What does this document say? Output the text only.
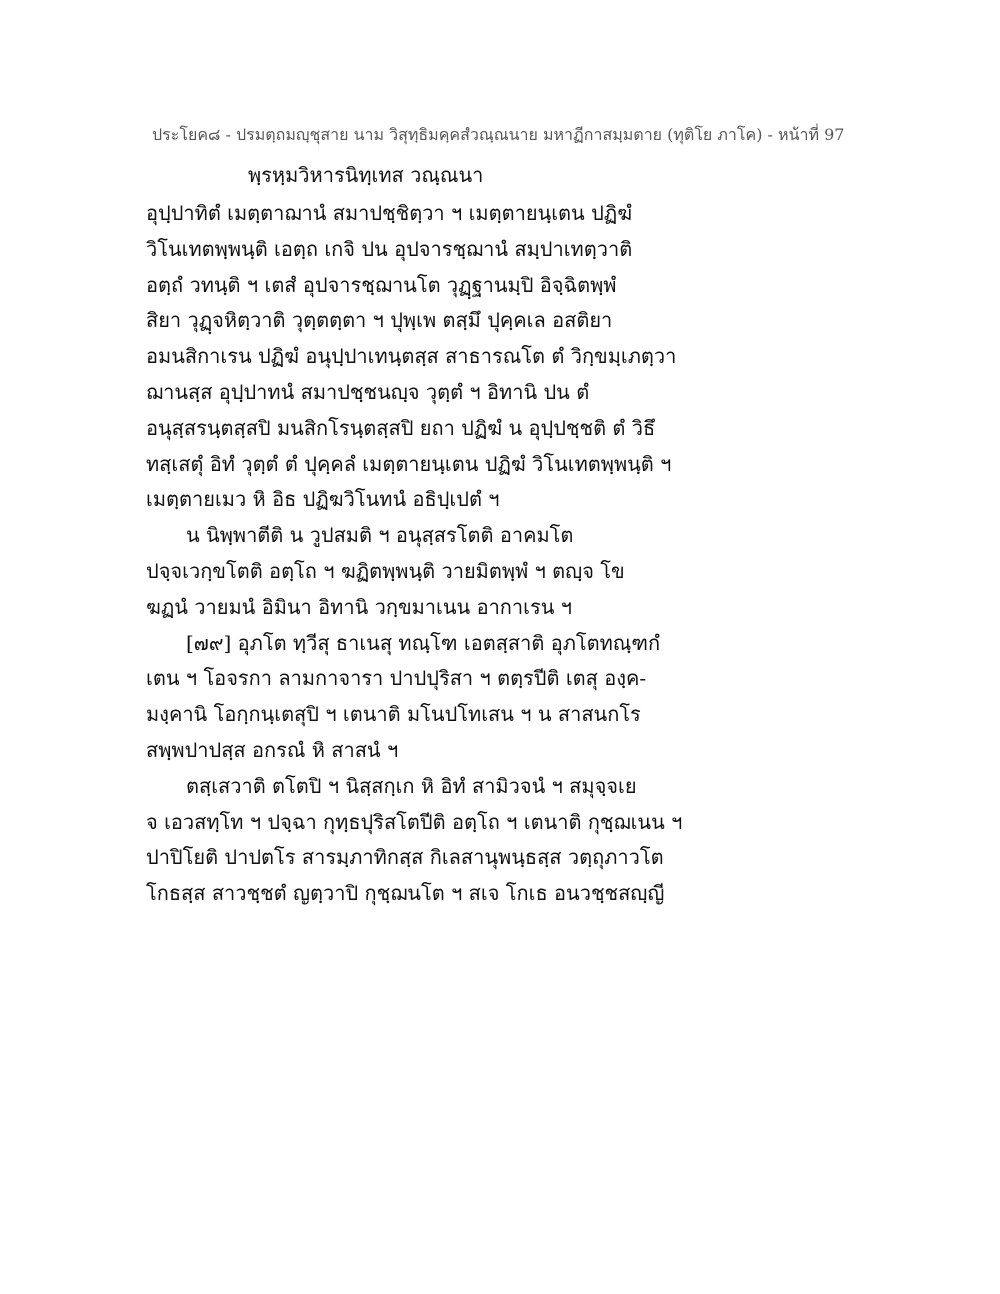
ประโยค๘ - ปรมตฺถมญฺชุสาย นาม วิสุทฺธิมคฺคสํวณฺณนาย มหาฏีกาสมฺมตาย (ทุติโย ภาโค) - หน้าที่ 97
พฺรหฺมวิหารนิทฺเทส วณฺณนา
อุปฺปาทิตํ เมตฺตาฌานํ สมาปชฺชิตฺวา ฯ เมตฺตายนฺเตน ปฏิฆํ
วิโนเทตพฺพนฺติ เอตฺถ เกจิ ปน อุปจารชฺฌานํ สมฺปาเทตฺวาติ
อตฺถํ วทนฺติ ฯ เตสํ อุปจารชฺฌานโต วุฏฺฐานมฺปิ อิจฺฉิตพฺพํ
สิยา วุฏฺจหิตฺวาติ วุตฺตตฺตา ฯ ปุพฺเพ ตสฺมึ ปุคฺคเล อสติยา
อมนสิกาเรน ปฏิฆํ อนุปฺปาเทนฺตสฺส สาธารณโต ตํ วิกฺขมฺเภตฺวา
ฌานสฺส อุปฺปาทนํ สมาปชฺชนญฺจ วุตฺตํ ฯ อิทานิ ปน ตํ
อนุสฺสรนฺตสฺสปิ มนสิกโรนฺตสฺสปิ ยถา ปฏิฆํ น อุปฺปชฺชติ ตํ วิธึ
ทสฺเสตุํ อิทํ วุตฺตํ ตํ ปุคฺคลํ เมตฺตายนฺเตน ปฏิฆํ วิโนเทตพฺพนฺติ ฯ
เมตฺตายเมว หิ อิธ ปฏิฆวิโนทนํ อธิปฺเปตํ ฯ
น นิพฺพาตีติ น วูปสมติ ฯ อนุสฺสรโตติ อาคมโต
ปจฺจเวกฺขโตติ อตฺโถ ฯ ฆฏิตพฺพนฺติ วายมิตพฺพํ ฯ ตญฺจ โข
ฆฏนํ วายมนํ อิมินา อิทานิ วกฺขมาเนน อากาเรน ฯ
[๗๙] อุภโต ทฺวีสุ ธาเนสุ ทณฺโฑ เอตสฺสาติ อุภโตทณฺฑกํ
เตน ฯ โอจรกา ลามกาจารา ปาปปุริสา ฯ ตตฺรปีติ เตสุ องฺค-
มงฺคานิ โอกฺกนฺเตสุปิ ฯ เตนาติ มโนปโทเสน ฯ น สาสนกโร
สพฺพปาปสฺส อกรณํ หิ สาสนํ ฯ
ตสฺเสวาติ ตโตปิ ฯ นิสฺสกฺเก หิ อิทํ สามิวจนํ ฯ สมุจฺจเย
จ เอวสทฺโท ฯ ปจฺฉา กุทฺธปุริสโตปีติ อตฺโถ ฯ เตนาติ กุชฺฌเนน ฯ
ปาปิโยติ ปาปตโร สารมฺภาทิกสฺส กิเลสานุพนฺธสฺส วตฺถุภาวโต
โกธสฺส สาวชฺชตํ ญตฺวาปิ กุชฺฌนโต ฯ สเจ โกเธ อนวชฺชสญฺญี
